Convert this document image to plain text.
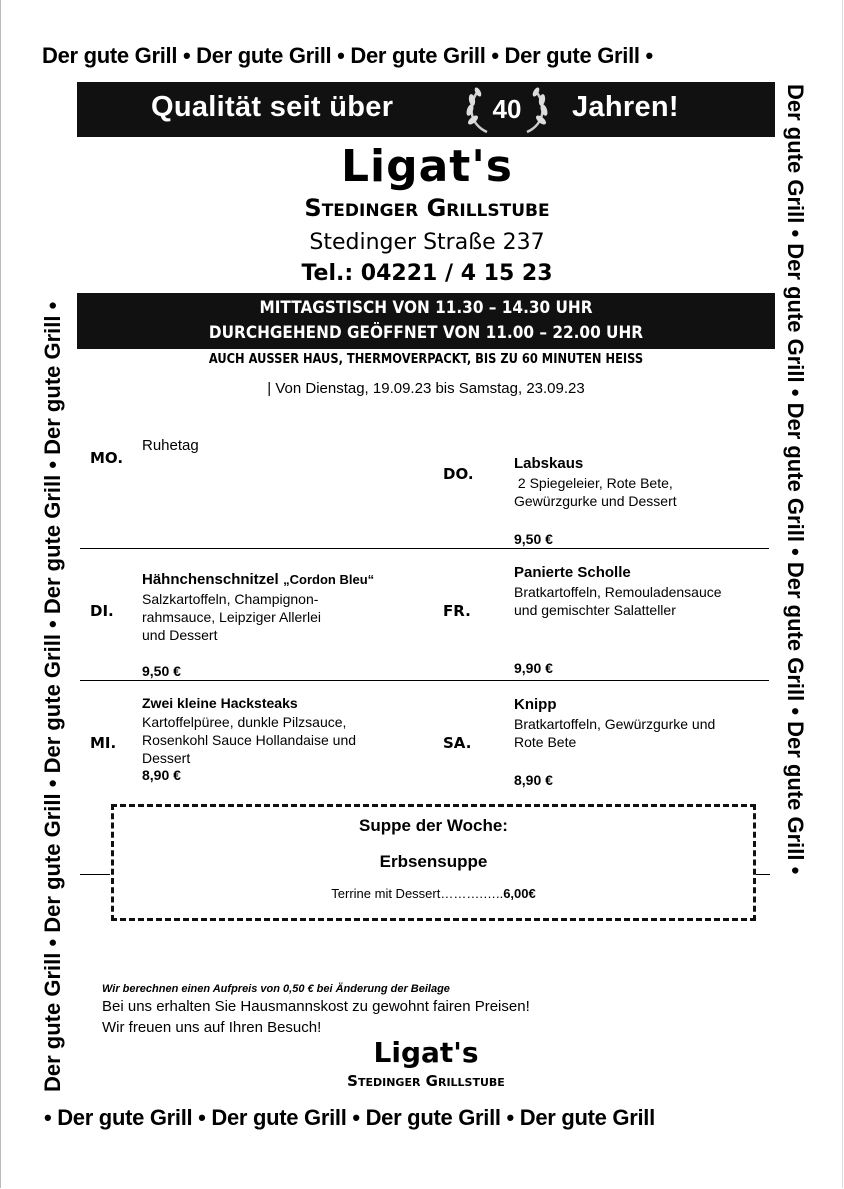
Der gute Grill • Der gute Grill • Der gute Grill • Der gute Grill •
• Der gute Grill • Der gute Grill • Der gute Grill • Der gute Grill
Der gute Grill • Der gute Grill • Der gute Grill • Der gute Grill • Der gute Grill •	Der gute Grill • Der gute Grill • Der gute Grill • Der gute Grill • Der gute Grill •
Qualität seit über	40	Jahren!
Ligat's
Stedinger Grillstube
Stedinger Straße 237
Tel.: 04221 / 4 15 23
MITTAGSTISCH VON 11.30 – 14.30 UHR
DURCHGEHEND GEÖFFNET VON 11.00 – 22.00 UHR
AUCH AUSSER HAUS, THERMOVERPACKT, BIS ZU 60 MINUTEN HEISS
| Von Dienstag, 19.09.23 bis Samstag, 23.09.23
MO.
Ruhetag
DO.
Labskaus
2 Spiegeleier, Rote Bete,
Gewürzgurke und Dessert
9,50 €
DI.
Hähnchenschnitzel „Cordon Bleu“
Salzkartoffeln, Champignon-
rahmsauce, Leipziger Allerlei
und Dessert
9,50 €
FR.
Panierte Scholle
Bratkartoffeln, Remouladensauce
und gemischter Salatteller
9,90 €
MI.
Zwei kleine Hacksteaks
Kartoffelpüree, dunkle Pilzsauce,
Rosenkohl Sauce Hollandaise und
Dessert
8,90 €
SA.
Knipp
Bratkartoffeln, Gewürzgurke und
Rote Bete
8,90 €
Suppe der Woche:
Erbsensuppe
Terrine mit Dessert……….…..6,00€
Wir berechnen einen Aufpreis von 0,50 € bei Änderung der Beilage
Bei uns erhalten Sie Hausmannskost zu gewohnt fairen Preisen!
Wir freuen uns auf Ihren Besuch!
Ligat's
Stedinger Grillstube
